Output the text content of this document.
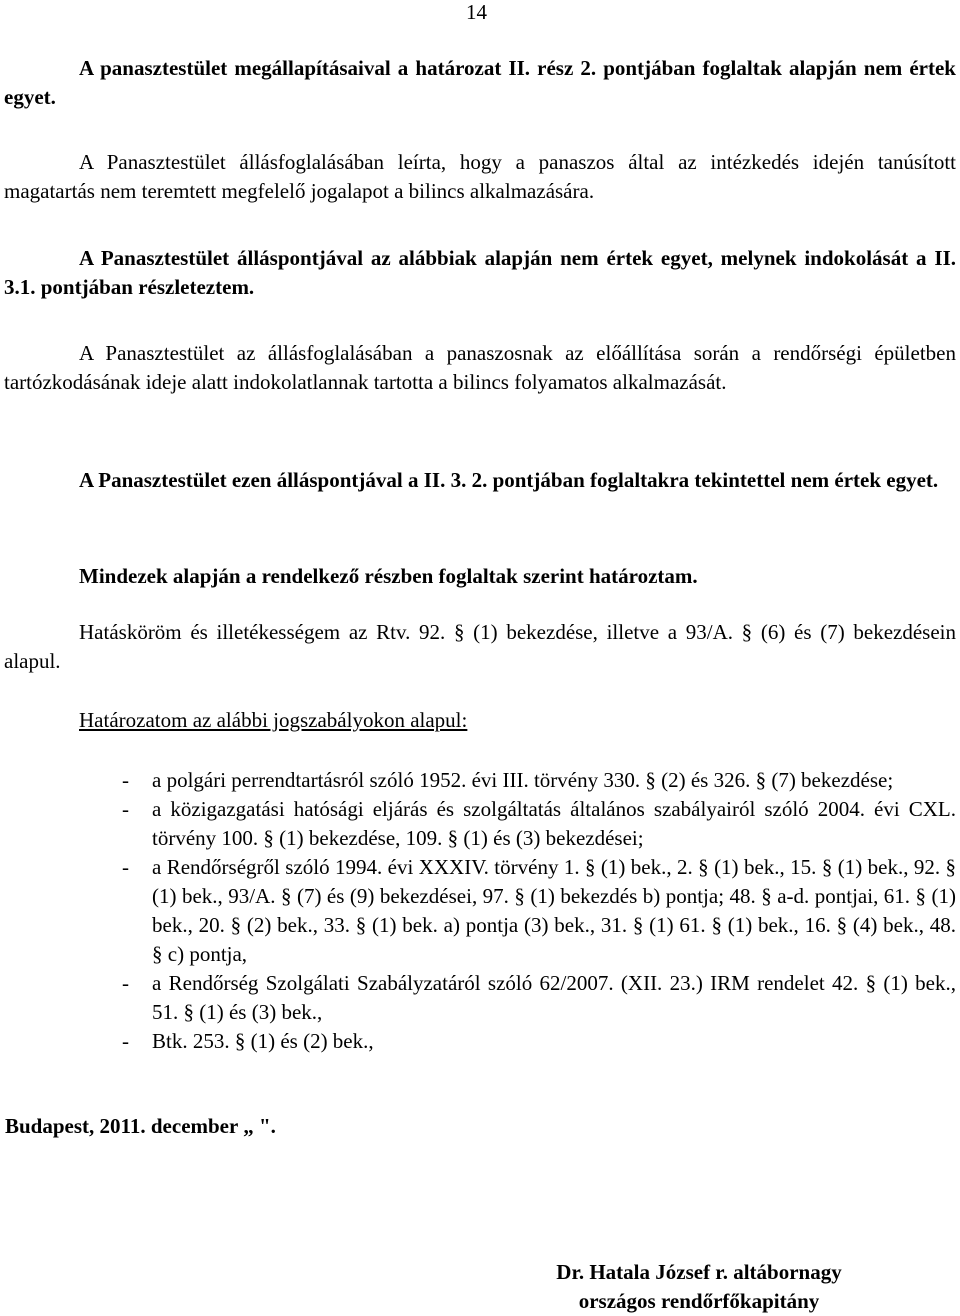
14

A panasztestület megállapításaival a határozat II. rész 2. pontjában foglaltak alapján nem értek egyet.

A Panasztestület állásfoglalásában leírta, hogy a panaszos által az intézkedés idején tanúsított magatartás nem teremtett megfelelő jogalapot a bilincs alkalmazására.

A Panasztestület álláspontjával az alábbiak alapján nem értek egyet, melynek indokolását a II. 3.1. pontjában részleteztem.

A Panasztestület az állásfoglalásában a panaszosnak az előállítása során a rendőrségi épületben tartózkodásának ideje alatt indokolatlannak tartotta a bilincs folyamatos alkalmazását.

A Panasztestület ezen álláspontjával a II. 3. 2. pontjában foglaltakra tekintettel nem értek egyet.

Mindezek alapján a rendelkező részben foglaltak szerint határoztam.

Hatásköröm és illetékességem az Rtv. 92. § (1) bekezdése, illetve a 93/A. § (6) és (7) bekezdésein alapul.

Határozatom az alábbi jogszabályokon alapul:

- a polgári perrendtartásról szóló 1952. évi III. törvény 330. § (2) és 326. § (7) bekezdése;
- a közigazgatási hatósági eljárás és szolgáltatás általános szabályairól szóló 2004. évi CXL. törvény 100. § (1) bekezdése, 109. § (1) és (3) bekezdései;
- a Rendőrségről szóló 1994. évi XXXIV. törvény 1. § (1) bek., 2. § (1) bek., 15. § (1) bek., 92. § (1) bek., 93/A. § (7) és (9) bekezdései, 97. § (1) bekezdés b) pontja; 48. § a-d. pontjai, 61. § (1) bek., 20. § (2) bek., 33. § (1) bek. a) pontja (3) bek., 31. § (1) 61. § (1) bek., 16. § (4) bek., 48. § c) pontja,
- a Rendőrség Szolgálati Szabályzatáról szóló 62/2007. (XII. 23.) IRM rendelet 42. § (1) bek., 51. § (1) és (3) bek.,
- Btk. 253. § (1) és (2) bek.,
Budapest, 2011. december „ ".
Dr. Hatala József r. altábornagy
országos rendőrfőkapitány
